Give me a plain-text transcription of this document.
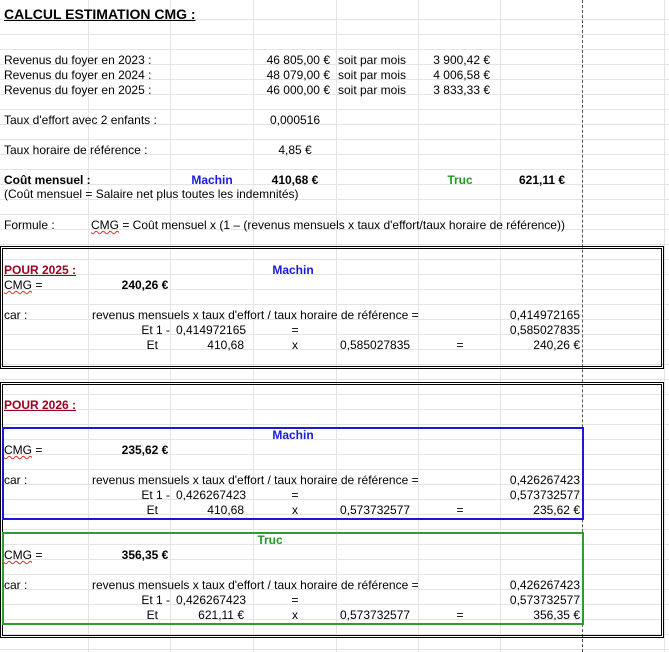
CALCUL ESTIMATION CMG :
Revenus du foyer en 2023 :	46 805,00 € soit par mois	3 900,42 €
Revenus du foyer en 2024 :	48 079,00 € soit par mois	4 006,58 €
Revenus du foyer en 2025 :	46 000,00 € soit par mois	3 833,33 €
Taux d'effort avec 2 enfants :	0,000516
Taux horaire de référence :	4,85 €
Coût mensuel :	Machin	410,68 €	Truc	621,11 €
(Coût mensuel = Salaire net plus toutes les indemnités)
Formule :	CMG = Coût mensuel x (1 – (revenus mensuels x taux d'effort/taux horaire de référence))
POUR 2025 :	Machin
CMG =	240,26 €
car :	revenus mensuels x taux d'effort / taux horaire de référence =	0,414972165
Et 1 - 0,414972165	=	0,585027835
Et	410,68	x	0,585027835	=	240,26 €
POUR 2026 :
Machin
CMG =	235,62 €
car :	revenus mensuels x taux d'effort / taux horaire de référence =	0,426267423
Et 1 - 0,426267423	=	0,573732577
Et	410,68	x	0,573732577	=	235,62 €
Truc
CMG =	356,35 €
car :	revenus mensuels x taux d'effort / taux horaire de référence =	0,426267423
Et 1 - 0,426267423	=	0,573732577
Et	621,11 €	x	0,573732577	=	356,35 €
